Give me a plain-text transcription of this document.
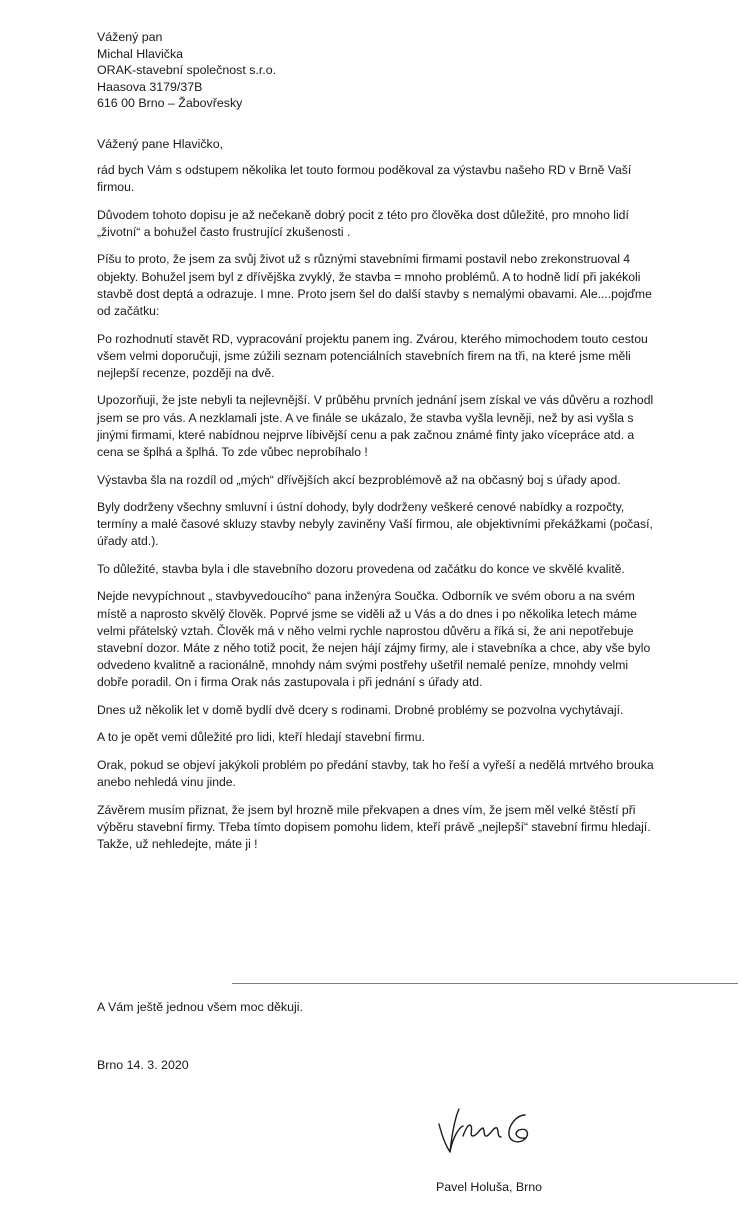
Vážený pan
Michal Hlavička
ORAK-stavební společnost s.r.o.
Haasova 3179/37B
616 00 Brno – Žabovřesky
Vážený pane Hlavičko,

rád bych Vám s odstupem několika let touto formou poděkoval za výstavbu našeho RD v Brně Vaší firmou.

Důvodem tohoto dopisu je až nečekaně dobrý pocit z této pro člověka dost důležité, pro mnoho lidí „životní“ a bohužel často frustrující zkušenosti .

Píšu to proto, že jsem za svůj život už s různými stavebními firmami postavil nebo zrekonstruoval 4 objekty. Bohužel jsem byl z dřívějška zvyklý, že stavba = mnoho problémů. A to hodně lidí při jakékoli stavbě dost deptá a odrazuje. I mne. Proto jsem šel do další stavby s nemalými obavami. Ale....pojďme od začátku:

Po rozhodnutí stavět RD, vypracování projektu panem ing. Zvárou, kterého mimochodem touto cestou všem velmi doporučuji, jsme zúžili seznam potenciálních stavebních firem na tři, na které jsme měli nejlepší recenze, později na dvě.

Upozorňuji, že jste nebyli ta nejlevnější. V průběhu prvních jednání jsem získal ve vás důvěru a rozhodl jsem se pro vás. A nezklamali jste. A ve finále se ukázalo, že stavba vyšla levněji, než by asi vyšla s jinými firmami, které nabídnou nejprve líbivější cenu a pak začnou známé finty jako vícepráce atd. a cena se šplhá a šplhá. To zde vůbec neprobíhalo !

Výstavba šla na rozdíl od „mých“ dřívějších akcí bezproblémově až na občasný boj s úřady apod.

Byly dodrženy všechny smluvní i ústní dohody, byly dodrženy veškeré cenové nabídky a rozpočty, termíny a malé časové skluzy stavby nebyly zaviněny Vaší firmou, ale objektivními překážkami (počasí, úřady atd.).

To důležité, stavba byla i dle stavebního dozoru provedena od začátku do konce ve skvělé kvalitě.

Nejde nevypíchnout „ stavbyvedoucího“ pana inženýra Součka. Odborník ve svém oboru a na svém místě a naprosto skvělý člověk. Poprvé jsme se viděli až u Vás a do dnes i po několika letech máme velmi přátelský vztah. Člověk má v něho velmi rychle naprostou důvěru a říká si, že ani nepotřebuje stavební dozor. Máte z něho totiž pocit, že nejen hájí zájmy firmy, ale i stavebníka a chce, aby vše bylo odvedeno kvalitně a racionálně, mnohdy nám svými postřehy ušetřil nemalé peníze, mnohdy velmi dobře poradil. On i firma Orak nás zastupovala i při jednání s úřady atd.

Dnes už několik let v domě bydlí dvě dcery s rodinami. Drobné problémy se pozvolna vychytávají.

A to je opět vemi důležité pro lidi, kteří hledají stavební firmu.

Orak, pokud se objeví jakýkoli problém po předání stavby, tak ho řeší a vyřeší a nedělá mrtvého brouka anebo nehledá vinu jinde.

Závěrem musím přiznat, že jsem byl hrozně mile překvapen a dnes vím, že jsem měl velké štěstí při výběru stavební firmy. Třeba tímto dopisem pomohu lidem, kteří právě „nejlepší“ stavební firmu hledají. Takže, už nehledejte, máte ji !

A Vám ještě jednou všem moc děkuji.
Brno 14. 3. 2020
Pavel Holuša, Brno
